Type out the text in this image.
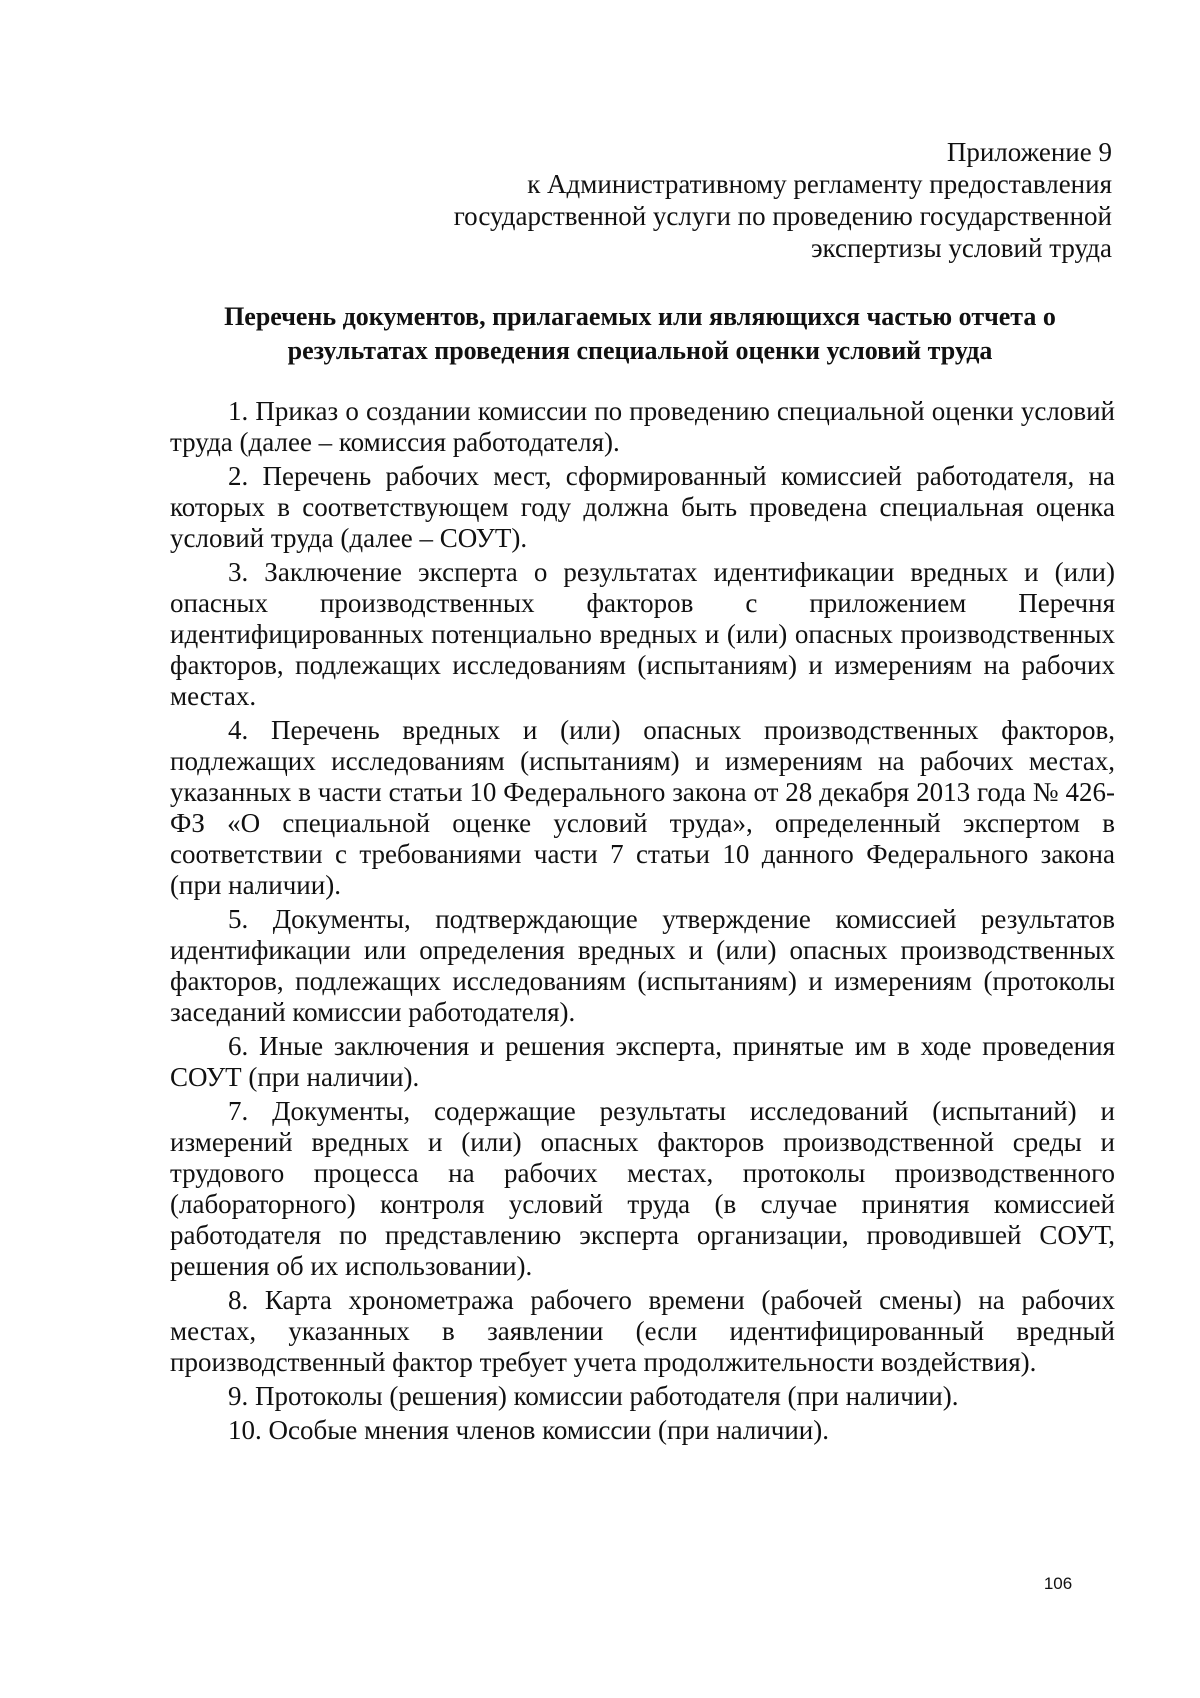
Приложение 9
к Административному регламенту предоставления
государственной услуги по проведению государственной
экспертизы условий труда
Перечень документов, прилагаемых или являющихся частью отчета о
результатах проведения специальной оценки условий труда

1. Приказ о создании комиссии по проведению специальной оценки условий труда (далее – комиссия работодателя).

2. Перечень рабочих мест, сформированный комиссией работодателя, на которых в соответствующем году должна быть проведена специальная оценка условий труда (далее – СОУТ).

3. Заключение эксперта о результатах идентификации вредных и (или) опасных производственных факторов с приложением Перечня идентифицированных потенциально вредных и (или) опасных производственных факторов, подлежащих исследованиям (испытаниям) и измерениям на рабочих местах.

4. Перечень вредных и (или) опасных производственных факторов, подлежащих исследованиям (испытаниям) и измерениям на рабочих местах, указанных в части статьи 10 Федерального закона от 28 декабря 2013 года № 426-ФЗ «О специальной оценке условий труда», определенный экспертом в соответствии с требованиями части 7 статьи 10 данного Федерального закона (при наличии).

5. Документы, подтверждающие утверждение комиссией результатов идентификации или определения вредных и (или) опасных производственных факторов, подлежащих исследованиям (испытаниям) и измерениям (протоколы заседаний комиссии работодателя).

6. Иные заключения и решения эксперта, принятые им в ходе проведения СОУТ (при наличии).

7. Документы, содержащие результаты исследований (испытаний) и измерений вредных и (или) опасных факторов производственной среды и трудового процесса на рабочих местах, протоколы производственного (лабораторного) контроля условий труда (в случае принятия комиссией работодателя по представлению эксперта организации, проводившей СОУТ, решения об их использовании).

8. Карта хронометража рабочего времени (рабочей смены) на рабочих местах, указанных в заявлении (если идентифицированный вредный производственный фактор требует учета продолжительности воздействия).

9. Протоколы (решения) комиссии работодателя (при наличии).

10. Особые мнения членов комиссии (при наличии).

106
